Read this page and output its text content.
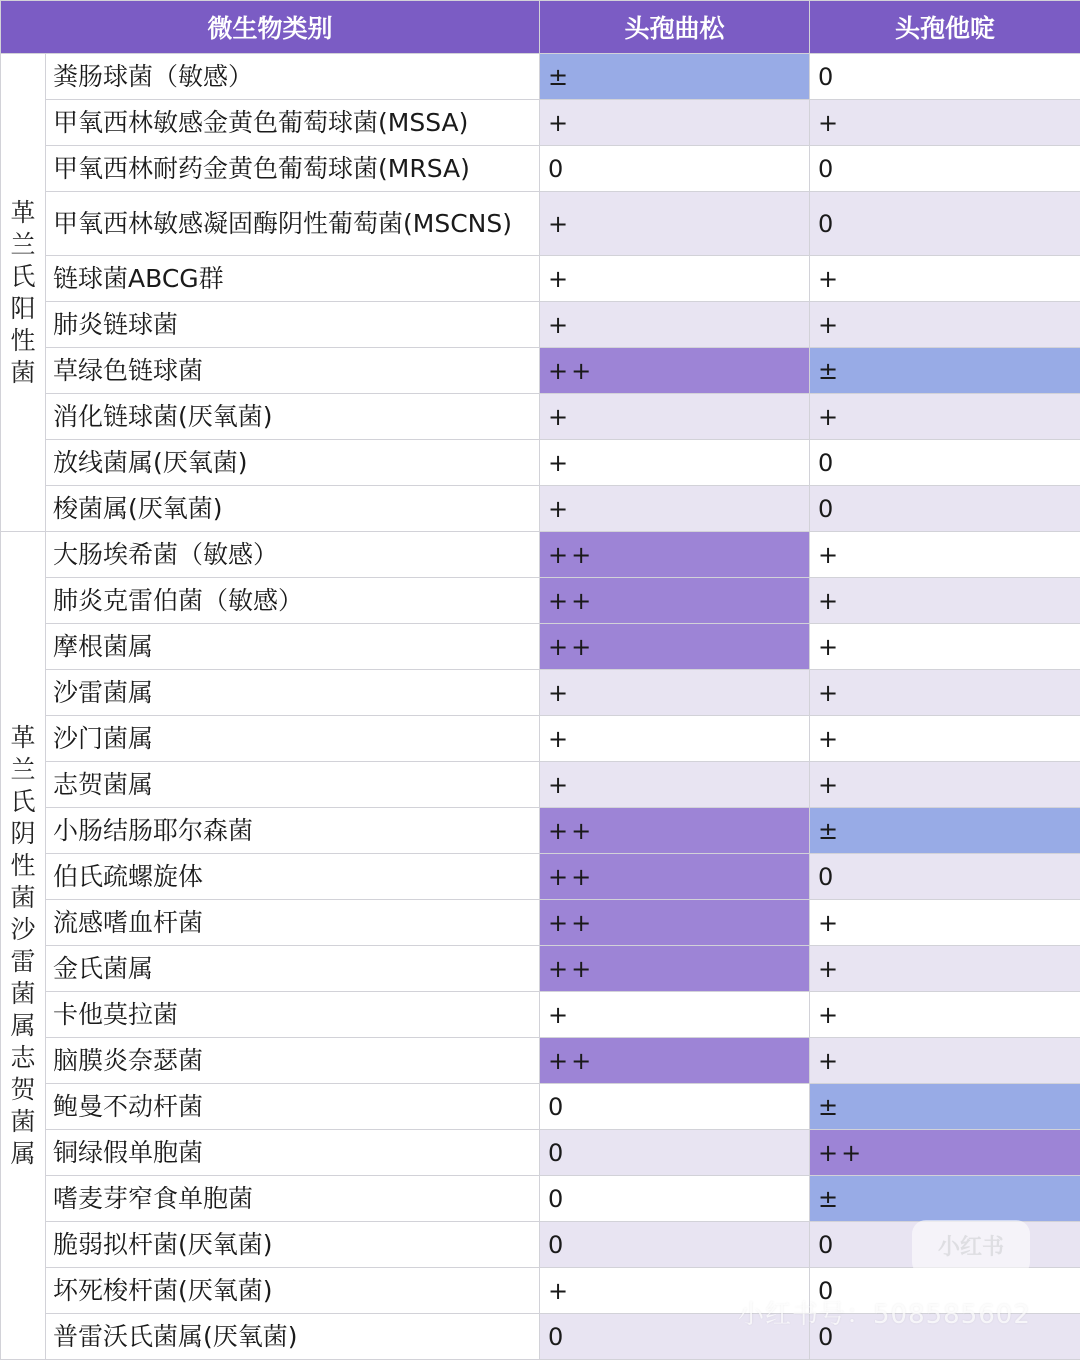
微生物类别		头孢曲松	头孢他啶

革兰氏阳性菌	粪肠球菌（敏感）	±	0
	甲氧西林敏感金黄色葡萄球菌(MSSA)	+	+
	甲氧西林耐药金黄色葡萄球菌(MRSA)	0	0
	甲氧西林敏感凝固酶阴性葡萄菌(MSCNS)	+	0
	链球菌ABCG群	+	+
	肺炎链球菌	+	+
	草绿色链球菌	++	±
	消化链球菌(厌氧菌)	+	+
	放线菌属(厌氧菌)	+	0
	梭菌属(厌氧菌)	+	0

革兰氏阴性菌沙雷菌属志贺菌属	大肠埃希菌（敏感）	++	+
	肺炎克雷伯菌（敏感）	++	+
	摩根菌属	++	+
	沙雷菌属	+	+
	沙门菌属	+	+
	志贺菌属	+	+
	小肠结肠耶尔森菌	++	±
	伯氏疏螺旋体	++	0
	流感嗜血杆菌	++	+
	金氏菌属	++	+
	卡他莫拉菌	+	+
	脑膜炎奈瑟菌	++	+
	鲍曼不动杆菌	0	±
	铜绿假单胞菌	0	++
	嗜麦芽窄食单胞菌	0	±
	脆弱拟杆菌(厌氧菌)	0	0
	坏死梭杆菌(厌氧菌)	+	0
	普雷沃氏菌属(厌氧菌)	0	0
小红书
小红书号：508585602
